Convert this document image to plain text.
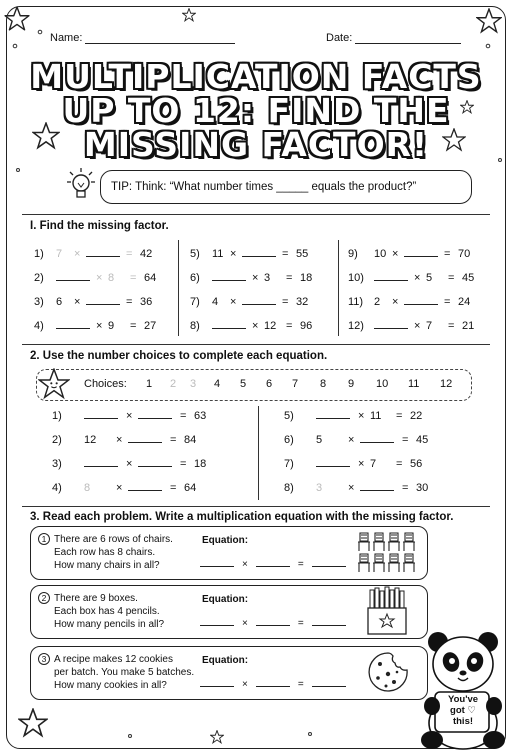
Name:	Date:
MULTIPLICATION FACTS
UP TO 12: FIND THE
MISSING FACTOR!
TIP: Think: “What number times _____ equals the product?”
I. Find the missing factor.
1) 7 ×	= 42
2)	× 8 = 64
3) 6 ×	= 36
4)	× 9 = 27
5) 11 ×	= 55
6)	× 3 = 18
7) 4 ×	= 32
8)	× 12 = 96
9) 10 ×	= 70
10)	× 5 = 45
11) 2 ×	= 24
12)	× 7 = 21
2. Use the number choices to complete each equation.
Choices: 1 2 3 4 5 6 7 8 9 10 11 12
1)	×	= 63
2) 12 ×	= 84
3)	×	= 18
4) 8 ×	= 64
5)	× 11 = 22
6) 5 ×	= 45
7)	× 7 = 56
8) 3 ×	= 30
3. Read each problem. Write a multiplication equation with the missing factor.
1 There are 6 rows of chairs.
Each row has 8 chairs.
How many chairs in all?
Equation:
×	=
2 There are 9 boxes.
Each box has 4 pencils.
How many pencils in all?
Equation:
×	=
3 A recipe makes 12 cookies
per batch. You make 5 batches.
How many cookies in all?
Equation:
×	=
You've
got ♡
this!
